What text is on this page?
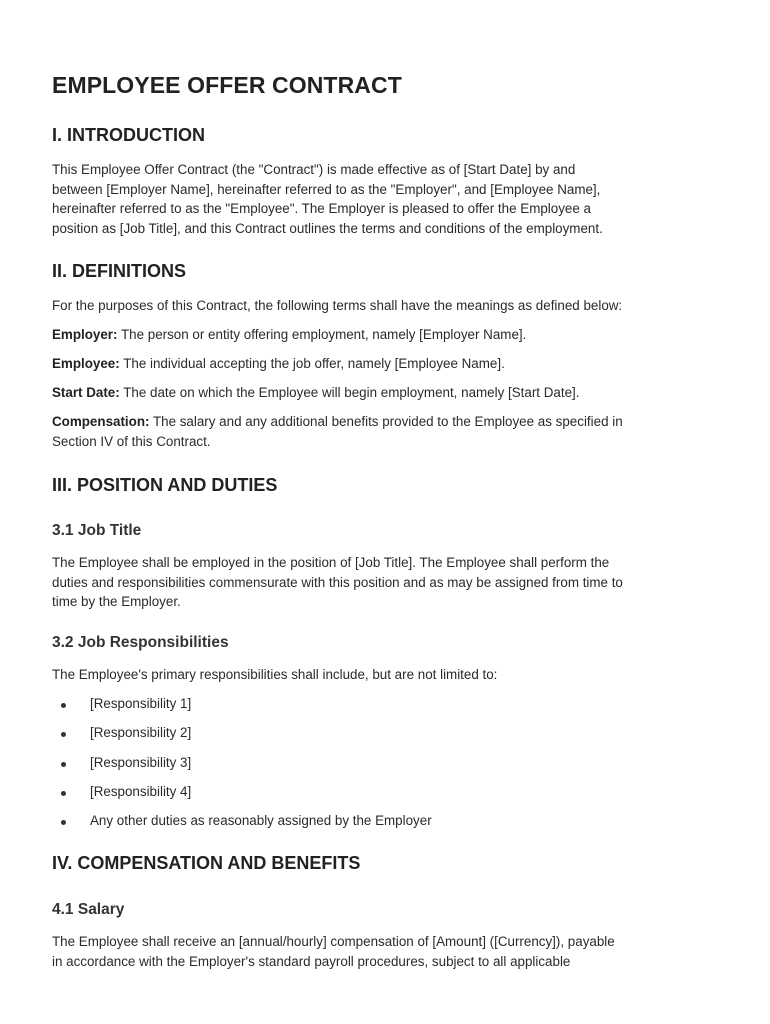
EMPLOYEE OFFER CONTRACT
I. INTRODUCTION

This Employee Offer Contract (the "Contract") is made effective as of [Start Date] by and

between [Employer Name], hereinafter referred to as the "Employer", and [Employee Name],

hereinafter referred to as the "Employee". The Employer is pleased to offer the Employee a

position as [Job Title], and this Contract outlines the terms and conditions of the employment.

II. DEFINITIONS

For the purposes of this Contract, the following terms shall have the meanings as defined below:

Employer: The person or entity offering employment, namely [Employer Name].

Employee: The individual accepting the job offer, namely [Employee Name].

Start Date: The date on which the Employee will begin employment, namely [Start Date].

Compensation: The salary and any additional benefits provided to the Employee as specified in

Section IV of this Contract.

III. POSITION AND DUTIES
3.1 Job Title

The Employee shall be employed in the position of [Job Title]. The Employee shall perform the

duties and responsibilities commensurate with this position and as may be assigned from time to

time by the Employer.

3.2 Job Responsibilities

The Employee's primary responsibilities shall include, but are not limited to:

[Responsibility 1]
[Responsibility 2]
[Responsibility 3]
[Responsibility 4]
Any other duties as reasonably assigned by the Employer
IV. COMPENSATION AND BENEFITS
4.1 Salary

The Employee shall receive an [annual/hourly] compensation of [Amount] ([Currency]), payable

in accordance with the Employer's standard payroll procedures, subject to all applicable
